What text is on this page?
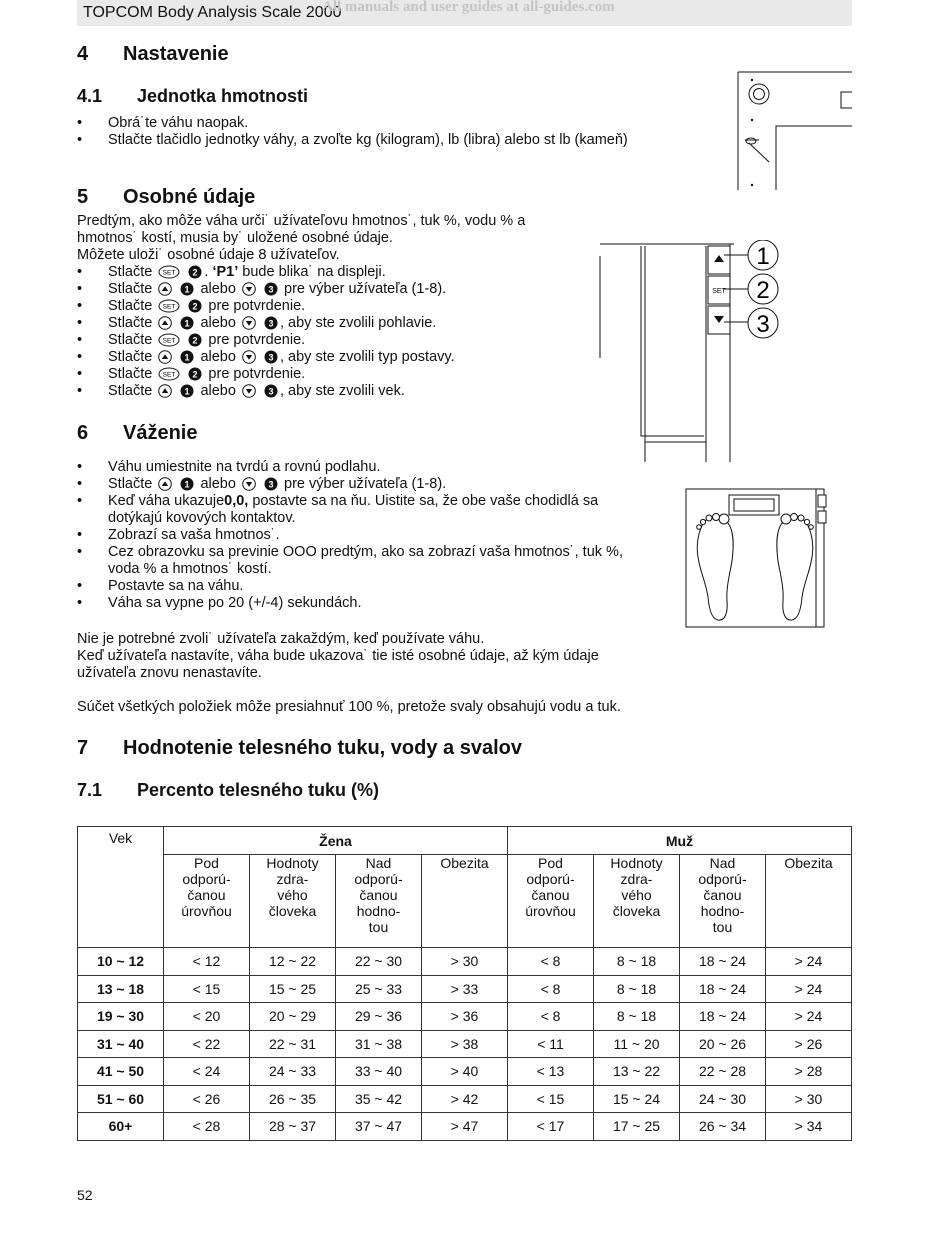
TOPCOM Body Analysis Scale 2000
All manuals and user guides at all-guides.com
4 Nastavenie
4.1 Jednotka hmotnosti
• Obrá˙te váhu naopak.
• Stlačte tlačidlo jednotky váhy, a zvoľte kg (kilogram), lb (libra) alebo st lb (kameň)
5 Osobné údaje
Predtým, ako môže váha urči˙ užívateľovu hmotnos˙, tuk %, vodu % a
hmotnos˙ kostí, musia by˙ uložené osobné údaje.
Môžete uloži˙ osobné údaje 8 užívateľov.
• Stlačte
	2 . ‘P1’ bude blika˙ na displeji.
• Stlačte
	1 alebo
	3 pre výber užívateľa (1-8).
• Stlačte
	2 pre potvrdenie.
• Stlačte
	1 alebo
	3 , aby ste zvolili pohlavie.
• Stlačte
	2 pre potvrdenie.
• Stlačte
	1 alebo
	3 , aby ste zvolili typ postavy.
• Stlačte
	2 pre potvrdenie.
• Stlačte
	1 alebo
	3 , aby ste zvolili vek.
SET
1
2
3
6 Váženie
• Váhu umiestnite na tvrdú a rovnú podlahu.
• Stlačte
	1 alebo
	3 pre výber užívateľa (1-8).
• Keď váha ukazuje0,0, postavte sa na ňu. Uistite sa, že obe vaše chodidlá sa
dotýkajú kovových kontaktov.
• Zobrazí sa vaša hmotnos˙.
• Cez obrazovku sa previnie OOO predtým, ako sa zobrazí vaša hmotnos˙, tuk %,
voda % a hmotnos˙ kostí.
• Postavte sa na váhu.
• Váha sa vypne po 20 (+/-4) sekundách.
Nie je potrebné zvoli˙ užívateľa zakaždým, keď používate váhu.
Keď užívateľa nastavíte, váha bude ukazova˙ tie isté osobné údaje, až kým údaje
užívateľa znovu nenastavíte.
Súčet všetkých položiek môže presiahnuť 100 %, pretože svaly obsahujú vodu a tuk.
7 Hodnotenie telesného tuku, vody a svalov
7.1 Percento telesného tuku (%)
Vek	Žena				Muž			
	Pod
odporú-
čanou
úrovňou	Hodnoty
zdra-
vého
človeka	Nad
odporú-
čanou
hodno-
tou	Obezita	Pod
odporú-
čanou
úrovňou	Hodnoty
zdra-
vého
človeka	Nad
odporú-
čanou
hodno-
tou	Obezita
10 ~ 12	< 12	12 ~ 22	22 ~ 30	> 30	< 8	8 ~ 18	18 ~ 24	> 24
13 ~ 18	< 15	15 ~ 25	25 ~ 33	> 33	< 8	8 ~ 18	18 ~ 24	> 24
19 ~ 30	< 20	20 ~ 29	29 ~ 36	> 36	< 8	8 ~ 18	18 ~ 24	> 24
31 ~ 40	< 22	22 ~ 31	31 ~ 38	> 38	< 11	11 ~ 20	20 ~ 26	> 26
41 ~ 50	< 24	24 ~ 33	33 ~ 40	> 40	< 13	13 ~ 22	22 ~ 28	> 28
51 ~ 60	< 26	26 ~ 35	35 ~ 42	> 42	< 15	15 ~ 24	24 ~ 30	> 30
60+	< 28	28 ~ 37	37 ~ 47	> 47	< 17	17 ~ 25	26 ~ 34	> 34
52
